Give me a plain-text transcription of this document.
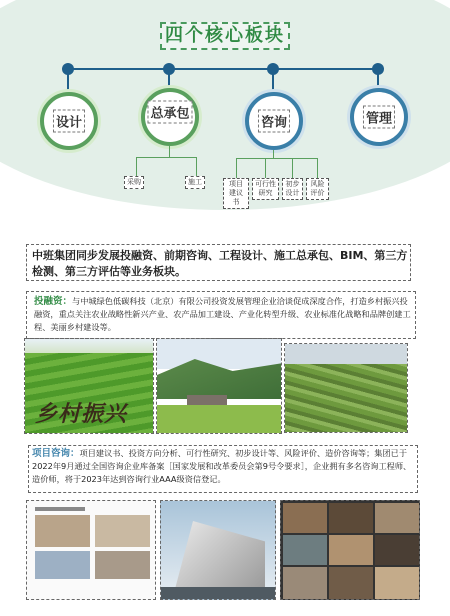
四个核心板块
设计
总承包
咨询	管理
采购	施工	项目建议书
可行性研究
初步设计
风险评价
中班集团同步发展投融资、前期咨询、工程设计、施工总承包、BIM、第三方检测、第三方评估等业务板块。
投融资：与中城绿色低碳科技（北京）有限公司投资发展管理企业洽谈促成深度合作，打造乡村振兴投融资，重点关注农业战略性新兴产业、农产品加工建设、产业化转型升级、农业标准化战略和品牌创建工程、美丽乡村建设等。
乡村振兴
项目咨询：项目建议书、投资方向分析、可行性研究、初步设计等、风险评价、造价咨询等；集团已于2022年9月通过全国咨询企业库备案［国家发展和改革委员会第9号令要求］，企业拥有多名咨询工程师、造价师，将于2023年达到咨询行业AAA级资信登记。
